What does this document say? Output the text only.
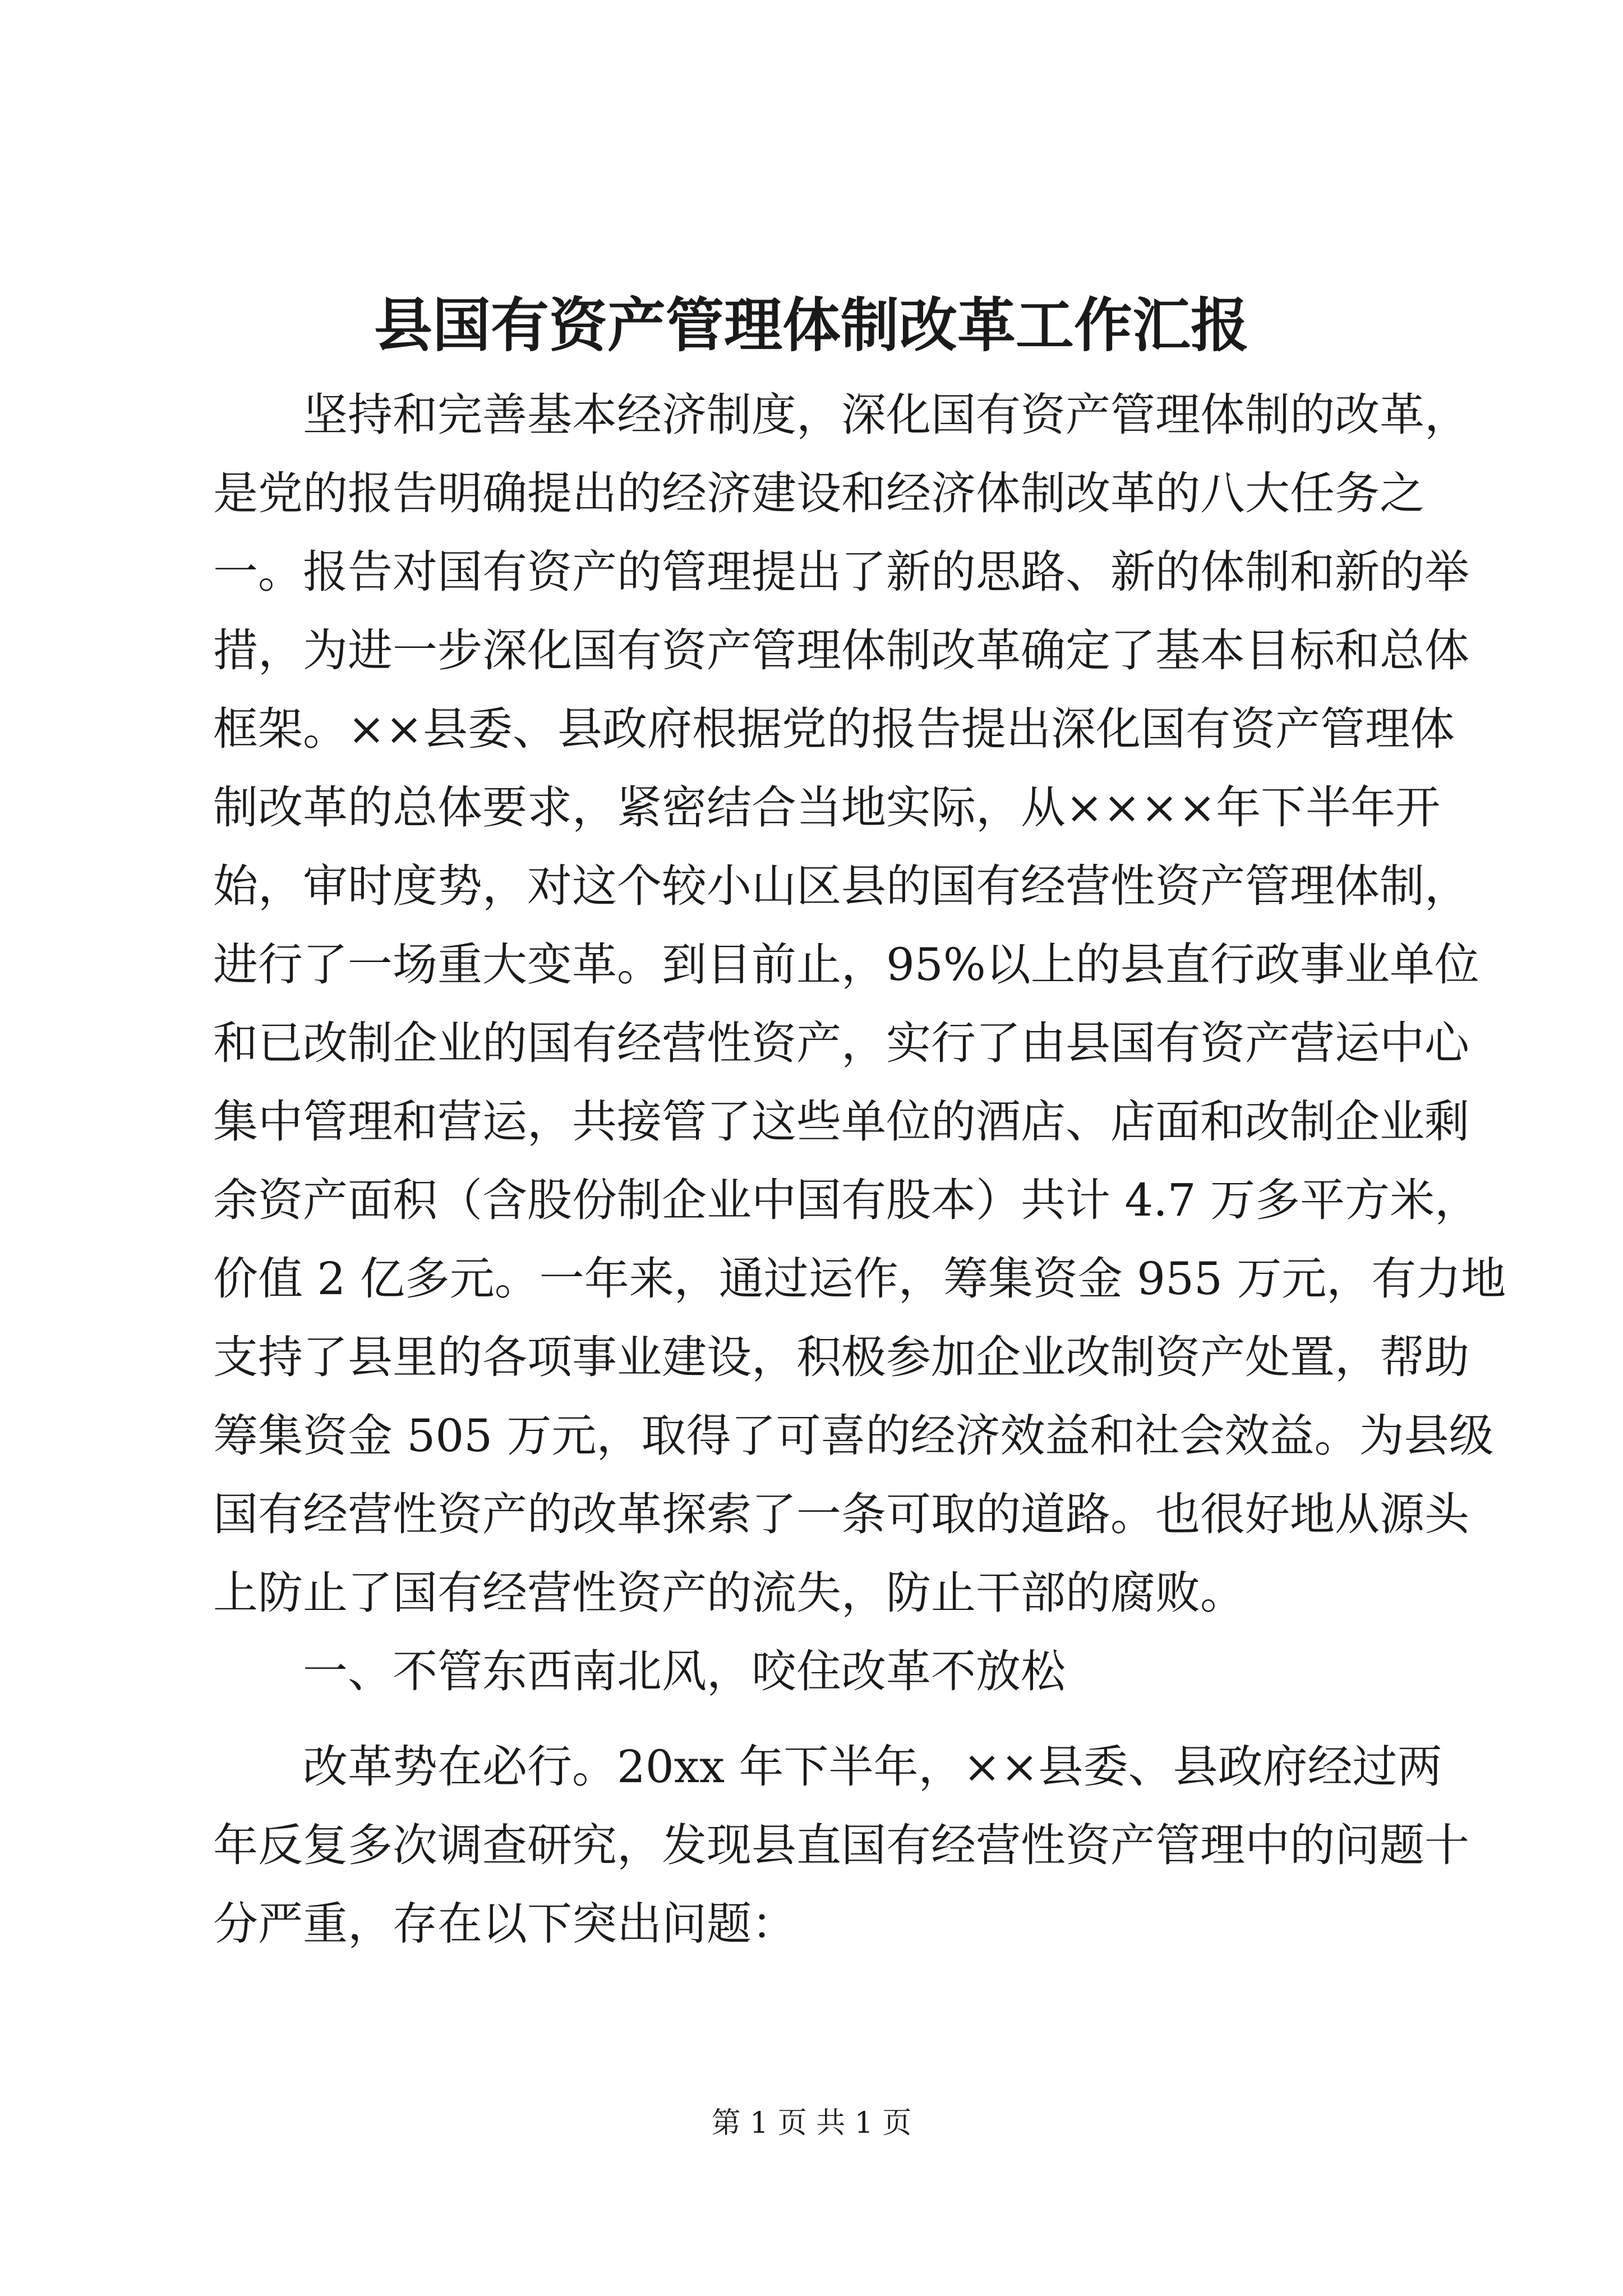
县国有资产管理体制改革工作汇报

坚持和完善基本经济制度，深化国有资产管理体制的改革，

是党的报告明确提出的经济建设和经济体制改革的八大任务之

一。报告对国有资产的管理提出了新的思路、新的体制和新的举

措，为进一步深化国有资产管理体制改革确定了基本目标和总体

框架。××县委、县政府根据党的报告提出深化国有资产管理体

制改革的总体要求，紧密结合当地实际，从××××年下半年开

始，审时度势，对这个较小山区县的国有经营性资产管理体制，

进行了一场重大变革。到目前止，95%以上的县直行政事业单位

和已改制企业的国有经营性资产，实行了由县国有资产营运中心

集中管理和营运，共接管了这些单位的酒店、店面和改制企业剩

余资产面积（含股份制企业中国有股本）共计 4.7 万多平方米，

价值 2 亿多元。一年来，通过运作，筹集资金 955 万元，有力地

支持了县里的各项事业建设，积极参加企业改制资产处置，帮助

筹集资金 505 万元，取得了可喜的经济效益和社会效益。为县级

国有经营性资产的改革探索了一条可取的道路。也很好地从源头

上防止了国有经营性资产的流失，防止干部的腐败。

一、不管东西南北风，咬住改革不放松

改革势在必行。20xx 年下半年，××县委、县政府经过两

年反复多次调查研究，发现县直国有经营性资产管理中的问题十

分严重，存在以下突出问题：

第 1 页 共 1 页
